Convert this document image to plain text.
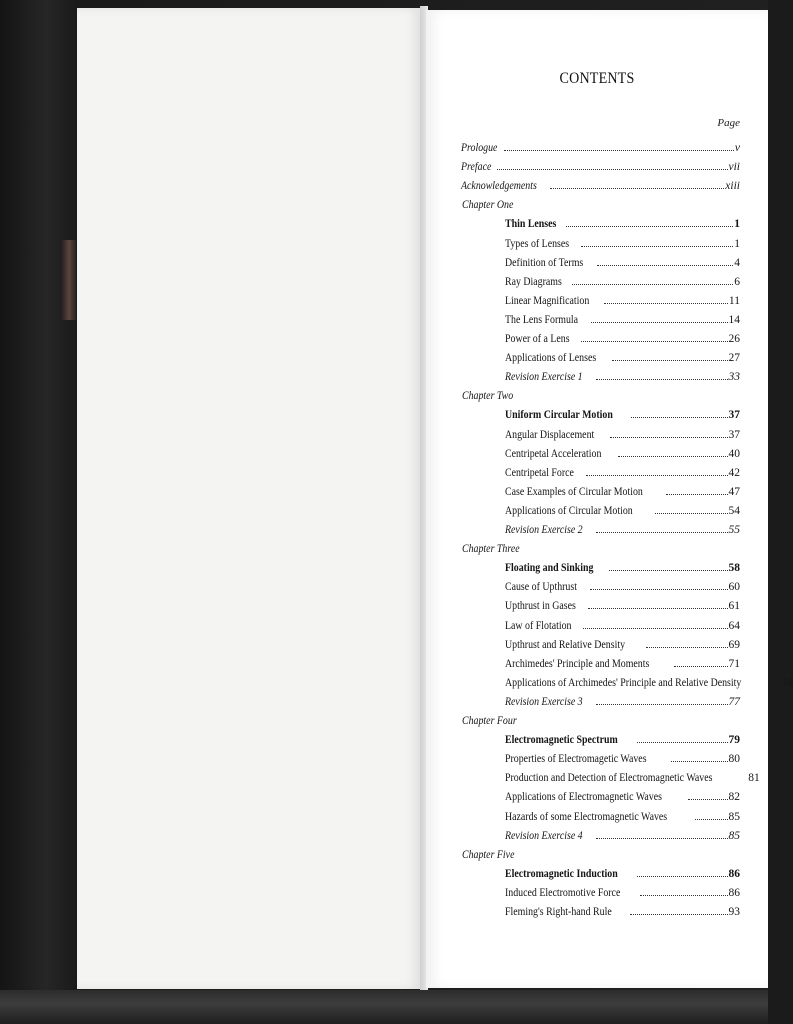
CONTENTS
Page
Prologue	v
Preface	vii
Acknowledgements	xiii
Chapter One
Thin Lenses	1
Types of Lenses	1
Definition of Terms	4
Ray Diagrams	6
Linear Magnification	11
The Lens Formula	14
Power of a Lens	26
Applications of Lenses	27
Revision Exercise 1	33
Chapter Two
Uniform Circular Motion	37
Angular Displacement	37
Centripetal Acceleration	40
Centripetal Force	42
Case Examples of Circular Motion	47
Applications of Circular Motion	54
Revision Exercise 2	55
Chapter Three
Floating and Sinking	58
Cause of Upthrust	60
Upthrust in Gases	61
Law of Flotation	64
Upthrust and Relative Density	69
Archimedes' Principle and Moments	71
Applications of Archimedes' Principle and Relative Density	74
Revision Exercise 3	77
Chapter Four
Electromagnetic Spectrum	79
Properties of Electromagetic Waves	80
Production and Detection of Electromagnetic Waves	81
Applications of Electromagnetic Waves	82
Hazards of some Electromagnetic Waves	85
Revision Exercise 4	85
Chapter Five
Electromagnetic Induction	86
Induced Electromotive Force	86
Fleming's Right-hand Rule	93
